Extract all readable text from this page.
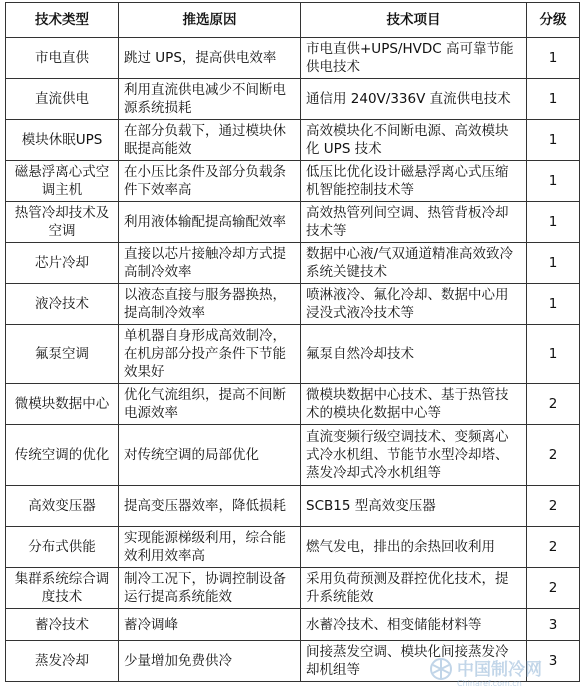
技术类型	推选原因	技术项目	分级
市电直供	跳过 UPS，提高供电效率	市电直供+UPS/HVDC 高可靠节能供电技术	1
直流供电	利用直流供电减少不间断电源系统损耗	通信用 240V/336V 直流供电技术	1
模块休眠UPS	在部分负载下，通过模块休眠提高能效	高效模块化不间断电源、高效模块化 UPS 技术	1
磁悬浮离心式空调主机	在小压比条件及部分负载条件下效率高	低压比优化设计磁悬浮离心式压缩机智能控制技术等	1
热管冷却技术及空调	利用液体输配提高输配效率	高效热管列间空调、热管背板冷却技术等	1
芯片冷却	直接以芯片接触冷却方式提高制冷效率	数据中心液/气双通道精准高效致冷系统关键技术	1
液冷技术	以液态直接与服务器换热，提高制冷效率	喷淋液冷、氟化冷却、数据中心用浸没式液冷技术等	1
氟泵空调	单机器自身形成高效制冷，在机房部分投产条件下节能效果好	氟泵自然冷却技术	1
微模块数据中心	优化气流组织，提高不间断电源效率	微模块数据中心技术、基于热管技术的模块化数据中心等	2
传统空调的优化	对传统空调的局部优化	直流变频行级空调技术、变频离心式冷水机组、节能节水型冷却塔、蒸发冷却式冷水机组等	2
高效变压器	提高变压器效率，降低损耗	SCB15 型高效变压器	2
分布式供能	实现能源梯级利用，综合能效利用效率高	燃气发电，排出的余热回收利用	2
集群系统综合调度技术	制冷工况下，协调控制设备运行提高系统能效	采用负荷预测及群控优化技术，提升系统能效	2
蓄冷技术	蓄冷调峰	水蓄冷技术、相变储能材料等	3
蒸发冷却	少量增加免费供冷	间接蒸发空调、模块化间接蒸发冷却机组等	3
中国制冷网
Chinaref.com.cn
